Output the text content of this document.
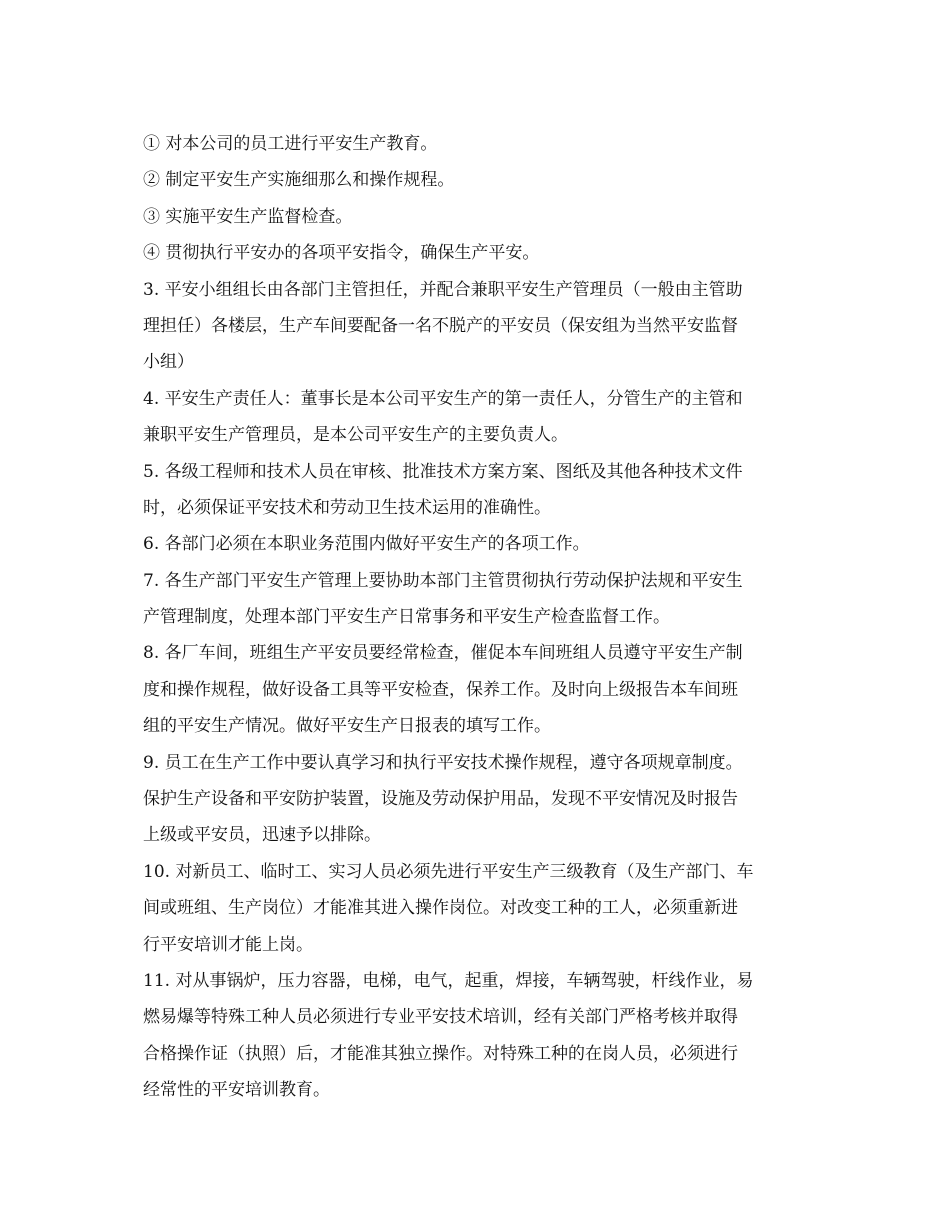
① 对本公司的员工进行平安生产教育。
② 制定平安生产实施细那么和操作规程。
③ 实施平安生产监督检查。
④ 贯彻执行平安办的各项平安指令，确保生产平安。
3. 平安小组组长由各部门主管担任，并配合兼职平安生产管理员（一般由主管助
理担任）各楼层，生产车间要配备一名不脱产的平安员（保安组为当然平安监督
小组）
4. 平安生产责任人：董事长是本公司平安生产的第一责任人，分管生产的主管和
兼职平安生产管理员，是本公司平安生产的主要负责人。
5. 各级工程师和技术人员在审核、批准技术方案方案、图纸及其他各种技术文件
时，必须保证平安技术和劳动卫生技术运用的准确性。
6. 各部门必须在本职业务范围内做好平安生产的各项工作。
7. 各生产部门平安生产管理上要协助本部门主管贯彻执行劳动保护法规和平安生
产管理制度，处理本部门平安生产日常事务和平安生产检查监督工作。
8. 各厂车间，班组生产平安员要经常检查，催促本车间班组人员遵守平安生产制
度和操作规程，做好设备工具等平安检查，保养工作。及时向上级报告本车间班
组的平安生产情况。做好平安生产日报表的填写工作。
9. 员工在生产工作中要认真学习和执行平安技术操作规程，遵守各项规章制度。
保护生产设备和平安防护装置，设施及劳动保护用品，发现不平安情况及时报告
上级或平安员，迅速予以排除。
10. 对新员工、临时工、实习人员必须先进行平安生产三级教育（及生产部门、车
间或班组、生产岗位）才能准其进入操作岗位。对改变工种的工人，必须重新进
行平安培训才能上岗。
11. 对从事锅炉，压力容器，电梯，电气，起重，焊接，车辆驾驶，杆线作业，易
燃易爆等特殊工种人员必须进行专业平安技术培训，经有关部门严格考核并取得
合格操作证（执照）后，才能准其独立操作。对特殊工种的在岗人员，必须进行
经常性的平安培训教育。
